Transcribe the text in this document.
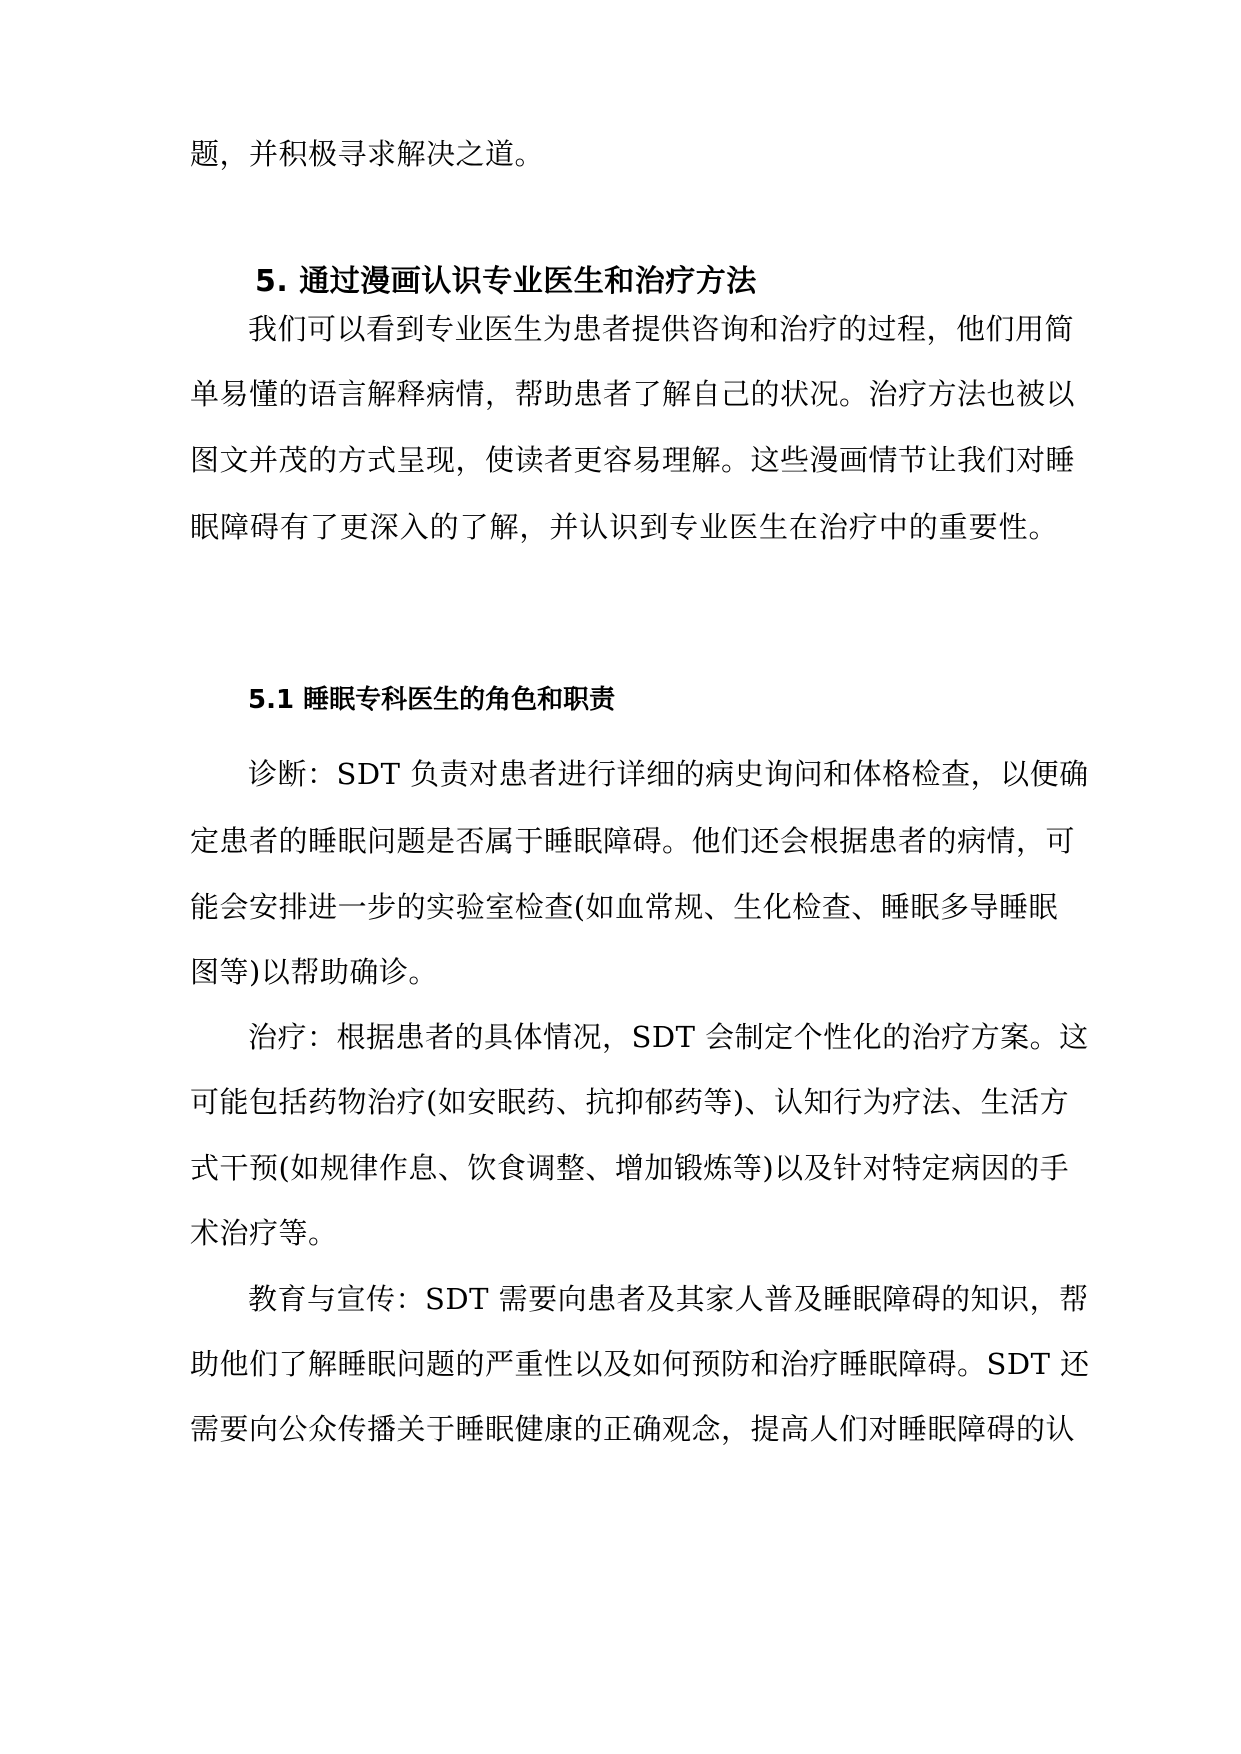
题，并积极寻求解决之道。

5. 通过漫画认识专业医生和治疗方法

我们可以看到专业医生为患者提供咨询和治疗的过程，他们用简

单易懂的语言解释病情，帮助患者了解自己的状况。治疗方法也被以

图文并茂的方式呈现，使读者更容易理解。这些漫画情节让我们对睡

眠障碍有了更深入的了解，并认识到专业医生在治疗中的重要性。

5.1 睡眠专科医生的角色和职责

诊断：SDT 负责对患者进行详细的病史询问和体格检查，以便确

定患者的睡眠问题是否属于睡眠障碍。他们还会根据患者的病情，可

能会安排进一步的实验室检查(如血常规、生化检查、睡眠多导睡眠

图等)以帮助确诊。

治疗：根据患者的具体情况，SDT 会制定个性化的治疗方案。这

可能包括药物治疗(如安眠药、抗抑郁药等)、认知行为疗法、生活方

式干预(如规律作息、饮食调整、增加锻炼等)以及针对特定病因的手

术治疗等。

教育与宣传：SDT 需要向患者及其家人普及睡眠障碍的知识，帮

助他们了解睡眠问题的严重性以及如何预防和治疗睡眠障碍。SDT 还

需要向公众传播关于睡眠健康的正确观念，提高人们对睡眠障碍的认
